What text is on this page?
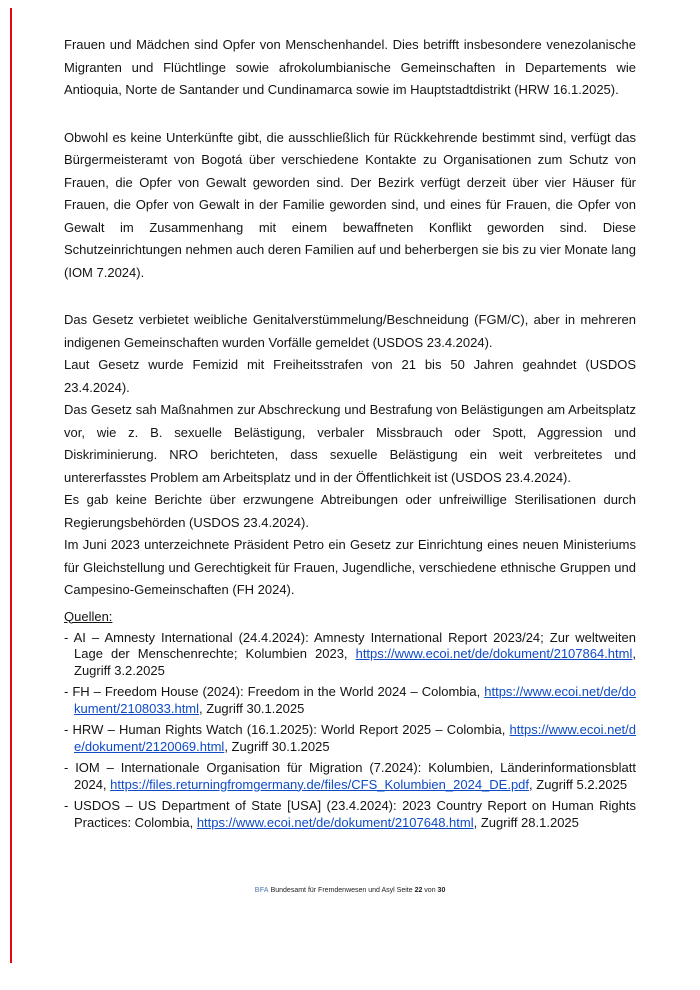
Frauen und Mädchen sind Opfer von Menschenhandel. Dies betrifft insbesondere venezolanische Migranten und Flüchtlinge sowie afrokolumbianische Gemeinschaften in Departements wie Antioquia, Norte de Santander und Cundinamarca sowie im Hauptstadtdistrikt (HRW 16.1.2025).

Obwohl es keine Unterkünfte gibt, die ausschließlich für Rückkehrende bestimmt sind, verfügt das Bürgermeisteramt von Bogotá über verschiedene Kontakte zu Organisationen zum Schutz von Frauen, die Opfer von Gewalt geworden sind. Der Bezirk verfügt derzeit über vier Häuser für Frauen, die Opfer von Gewalt in der Familie geworden sind, und eines für Frauen, die Opfer von Gewalt im Zusammenhang mit einem bewaffneten Konflikt geworden sind. Diese Schutzeinrichtungen nehmen auch deren Familien auf und beherbergen sie bis zu vier Monate lang (IOM 7.2024).

Das Gesetz verbietet weibliche Genitalverstümmelung/Beschneidung (FGM/C), aber in mehreren indigenen Gemeinschaften wurden Vorfälle gemeldet (USDOS 23.4.2024).

Laut Gesetz wurde Femizid mit Freiheitsstrafen von 21 bis 50 Jahren geahndet (USDOS 23.4.2024).

Das Gesetz sah Maßnahmen zur Abschreckung und Bestrafung von Belästigungen am Arbeitsplatz vor, wie z. B. sexuelle Belästigung, verbaler Missbrauch oder Spott, Aggression und Diskriminierung. NRO berichteten, dass sexuelle Belästigung ein weit verbreitetes und untererfasstes Problem am Arbeitsplatz und in der Öffentlichkeit ist (USDOS 23.4.2024).

Es gab keine Berichte über erzwungene Abtreibungen oder unfreiwillige Sterilisationen durch Regierungsbehörden (USDOS 23.4.2024).

Im Juni 2023 unterzeichnete Präsident Petro ein Gesetz zur Einrichtung eines neuen Ministeriums für Gleichstellung und Gerechtigkeit für Frauen, Jugendliche, verschiedene ethnische Gruppen und Campesino-Gemeinschaften (FH 2024).

Quellen:
- AI – Amnesty International (24.4.2024): Amnesty International Report 2023/24; Zur weltweiten Lage der Menschenrechte; Kolumbien 2023, https://www.ecoi.net/de/dokument/2107864.html, Zugriff 3.2.2025
- FH – Freedom House (2024): Freedom in the World 2024 – Colombia, https://www.ecoi.net/de/dokument/2108033.html, Zugriff 30.1.2025
- HRW – Human Rights Watch (16.1.2025): World Report 2025 – Colombia, https://www.ecoi.net/de/dokument/2120069.html, Zugriff 30.1.2025
- IOM – Internationale Organisation für Migration (7.2024): Kolumbien, Länderinformationsblatt 2024, https://files.returningfromgermany.de/files/CFS_Kolumbien_2024_DE.pdf, Zugriff 5.2.2025
- USDOS – US Department of State [USA] (23.4.2024): 2023 Country Report on Human Rights Practices: Colombia, https://www.ecoi.net/de/dokument/2107648.html, Zugriff 28.1.2025
BFA Bundesamt für Fremdenwesen und Asyl Seite 22 von 30
